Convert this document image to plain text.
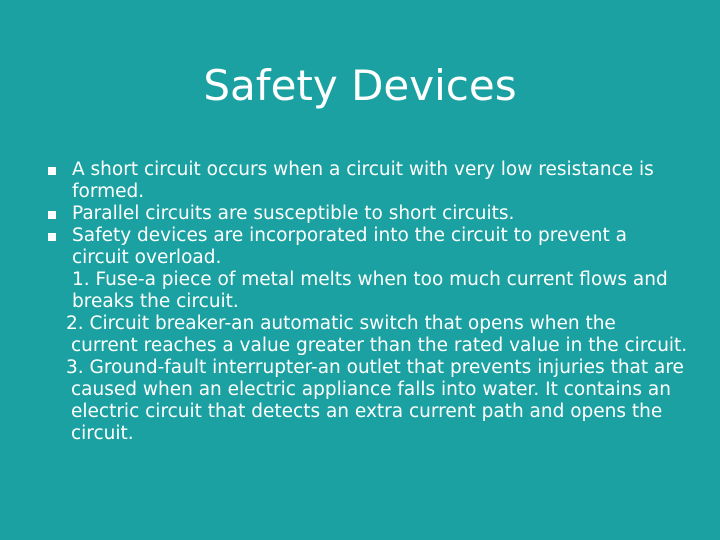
Safety Devices
A short circuit occurs when a circuit with very low resistance is formed.
Parallel circuits are susceptible to short circuits.
Safety devices are incorporated into the circuit to prevent a circuit overload.
1. Fuse-a piece of metal melts when too much current flows and breaks the circuit.
2. Circuit breaker-an automatic switch that opens when the current reaches a value greater than the rated value in the circuit.
3. Ground-fault interrupter-an outlet that prevents injuries that are caused when an electric appliance falls into water. It contains an electric circuit that detects an extra current path and opens the circuit.
